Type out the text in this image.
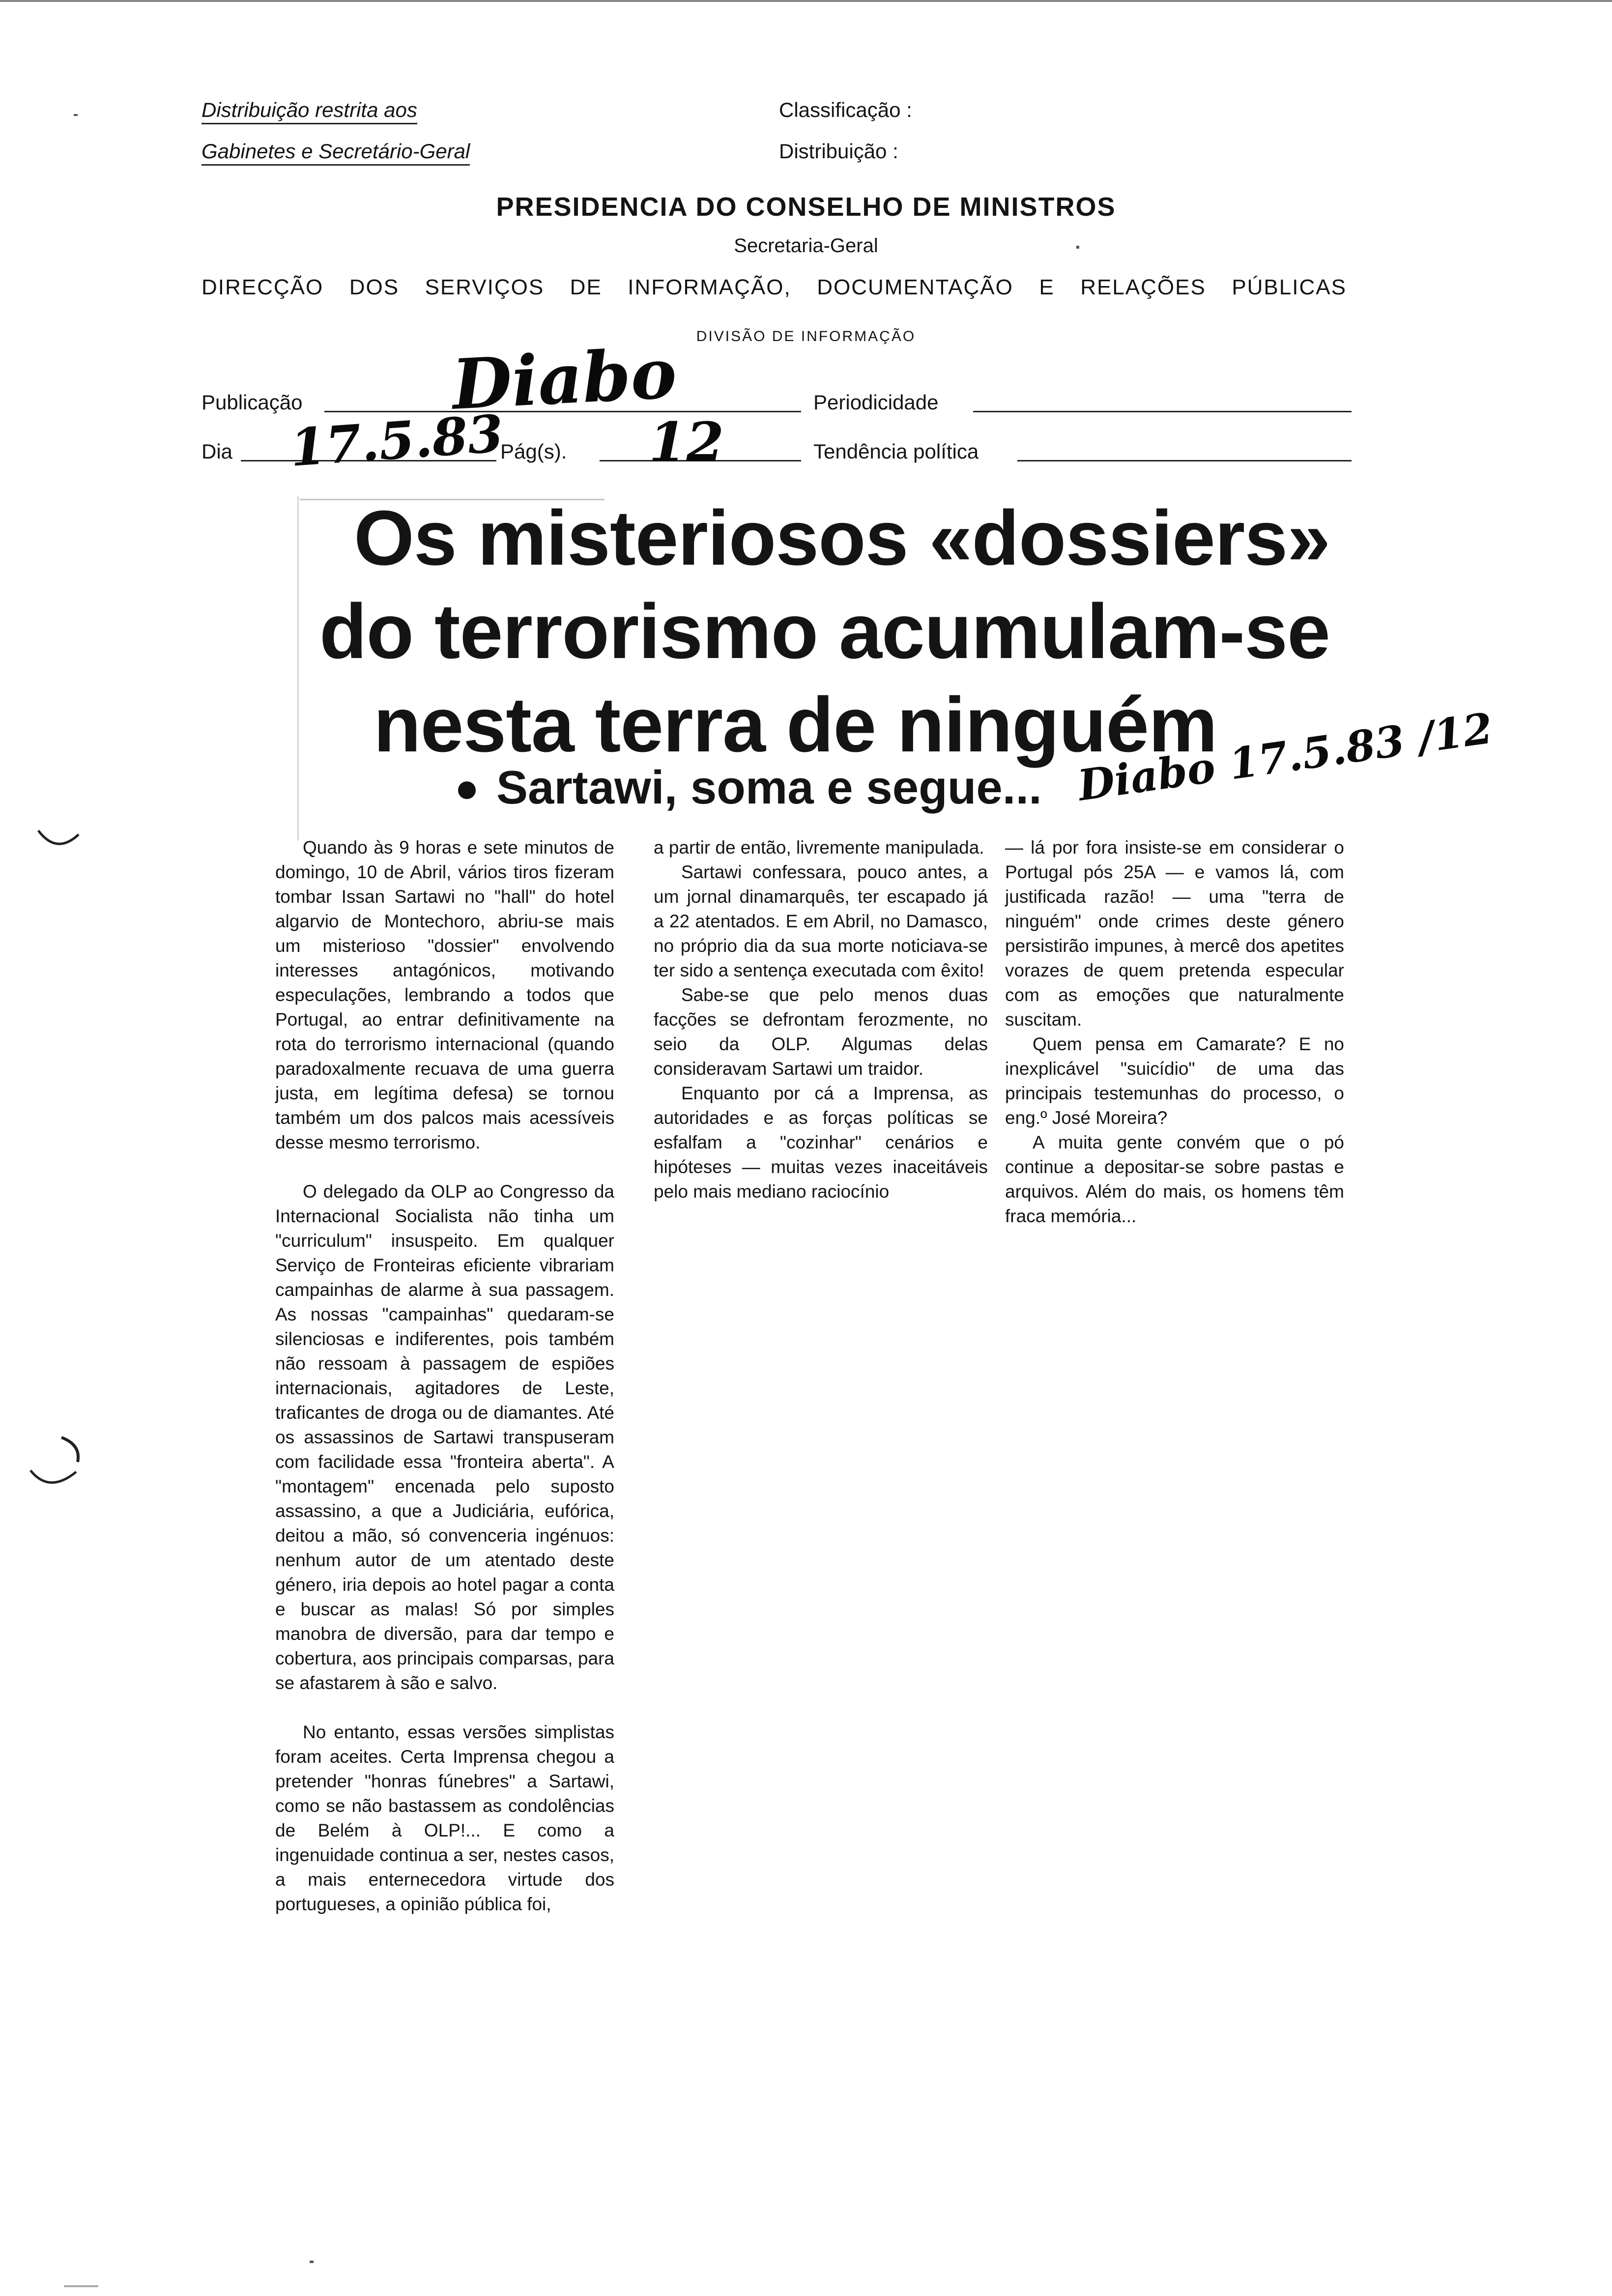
Distribuição restrita aos
Gabinetes e Secretário-Geral
Classificação :
Distribuição :
PRESIDENCIA DO CONSELHO DE MINISTROS
Secretaria-Geral
DIRECÇÃO DOS SERVIÇOS DE INFORMAÇÃO, DOCUMENTAÇÃO E RELAÇÕES PÚBLICAS
DIVISÃO DE INFORMAÇÃO
Publicação Diabo	Periodicidade
Dia 17.5.83
Pág(s). 12	Tendência política
Os misteriosos «dossiers»
do terrorismo acumulam-se
nesta terra de ninguém
Sartawi, soma e segue... Diabo 17.5.83 /12

Quando às 9 horas e sete minutos de domingo, 10 de Abril, vários tiros fizeram tombar Issan Sartawi no "hall" do hotel algarvio de Montechoro, abriu-se mais um misterioso "dossier" envolvendo interesses antagónicos, motivando especulações, lembrando a todos que Portugal, ao entrar definitivamente na rota do terrorismo internacional (quando paradoxalmente recuava de uma guerra justa, em legítima defesa) se tornou também um dos palcos mais acessíveis desse mesmo terrorismo.

O delegado da OLP ao Congresso da Internacional Socialista não tinha um "curriculum" insuspeito. Em qualquer Serviço de Fronteiras eficiente vibrariam campainhas de alarme à sua passagem. As nossas "campainhas" quedaram-se silenciosas e indiferentes, pois também não ressoam à passagem de espiões internacionais, agitadores de Leste, traficantes de droga ou de diamantes. Até os assassinos de Sartawi transpuseram com facilidade essa "fronteira aberta". A "montagem" encenada pelo suposto assassino, a que a Judiciária, eufórica, deitou a mão, só convenceria ingénuos: nenhum autor de um atentado deste género, iria depois ao hotel pagar a conta e buscar as malas! Só por simples manobra de diversão, para dar tempo e cobertura, aos principais comparsas, para se afastarem à são e salvo.

No entanto, essas versões simplistas foram aceites. Certa Imprensa chegou a pretender "honras fúnebres" a Sartawi, como se não bastassem as condolências de Belém à OLP!... E como a ingenuidade continua a ser, nestes casos, a mais enternecedora virtude dos portugueses, a opinião pública foi,

a partir de então, livremente manipulada.

Sartawi confessara, pouco antes, a um jornal dinamarquês, ter escapado já a 22 atentados. E em Abril, no Damasco, no próprio dia da sua morte noticiava-se ter sido a sentença executada com êxito!

Sabe-se que pelo menos duas facções se defrontam ferozmente, no seio da OLP. Algumas delas consideravam Sartawi um traidor.

Enquanto por cá a Imprensa, as autoridades e as forças políticas se esfalfam a "cozinhar" cenários e hipóteses — muitas vezes inaceitáveis pelo mais mediano raciocínio

— lá por fora insiste-se em considerar o Portugal pós 25A — e vamos lá, com justificada razão! — uma "terra de ninguém" onde crimes deste género persistirão impunes, à mercê dos apetites vorazes de quem pretenda especular com as emoções que naturalmente suscitam.

Quem pensa em Camarate? E no inexplicável "suicídio" de uma das principais testemunhas do processo, o eng.º José Moreira?

A muita gente convém que o pó continue a depositar-se sobre pastas e arquivos. Além do mais, os homens têm fraca memória...
